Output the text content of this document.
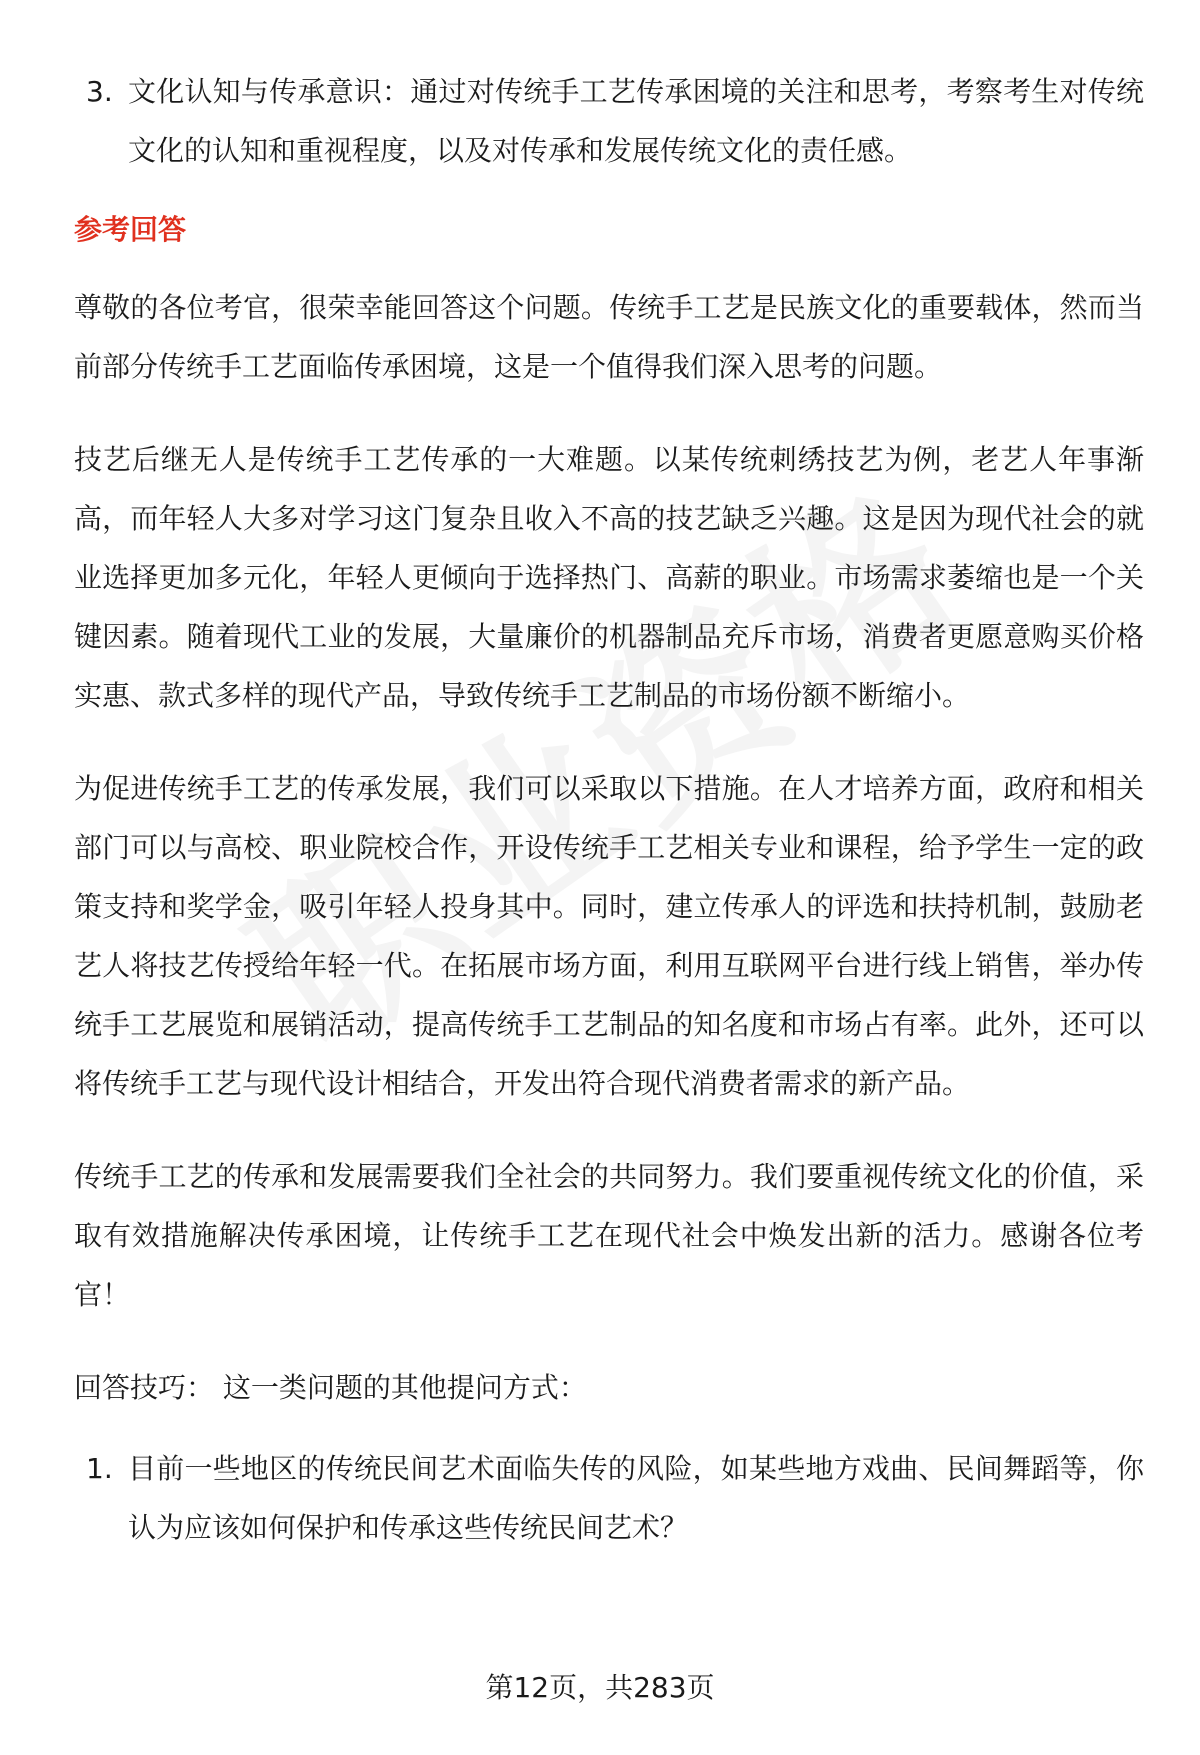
3. 文化认知与传承意识：通过对传统手工艺传承困境的关注和思考，考察考生对传统文化的认知和重视程度，以及对传承和发展传统文化的责任感。
参考回答

尊敬的各位考官，很荣幸能回答这个问题。传统手工艺是民族文化的重要载体，然而当前部分传统手工艺面临传承困境，这是一个值得我们深入思考的问题。

技艺后继无人是传统手工艺传承的一大难题。以某传统刺绣技艺为例，老艺人年事渐高，而年轻人大多对学习这门复杂且收入不高的技艺缺乏兴趣。这是因为现代社会的就业选择更加多元化，年轻人更倾向于选择热门、高薪的职业。市场需求萎缩也是一个关键因素。随着现代工业的发展，大量廉价的机器制品充斥市场，消费者更愿意购买价格实惠、款式多样的现代产品，导致传统手工艺制品的市场份额不断缩小。

为促进传统手工艺的传承发展，我们可以采取以下措施。在人才培养方面，政府和相关部门可以与高校、职业院校合作，开设传统手工艺相关专业和课程，给予学生一定的政策支持和奖学金，吸引年轻人投身其中。同时，建立传承人的评选和扶持机制，鼓励老艺人将技艺传授给年轻一代。在拓展市场方面，利用互联网平台进行线上销售，举办传统手工艺展览和展销活动，提高传统手工艺制品的知名度和市场占有率。此外，还可以将传统手工艺与现代设计相结合，开发出符合现代消费者需求的新产品。

传统手工艺的传承和发展需要我们全社会的共同努力。我们要重视传统文化的价值，采取有效措施解决传承困境，让传统手工艺在现代社会中焕发出新的活力。感谢各位考官！

回答技巧： 这一类问题的其他提问方式：

1. 目前一些地区的传统民间艺术面临失传的风险，如某些地方戏曲、民间舞蹈等，你认为应该如何保护和传承这些传统民间艺术？
第12页，共283页
